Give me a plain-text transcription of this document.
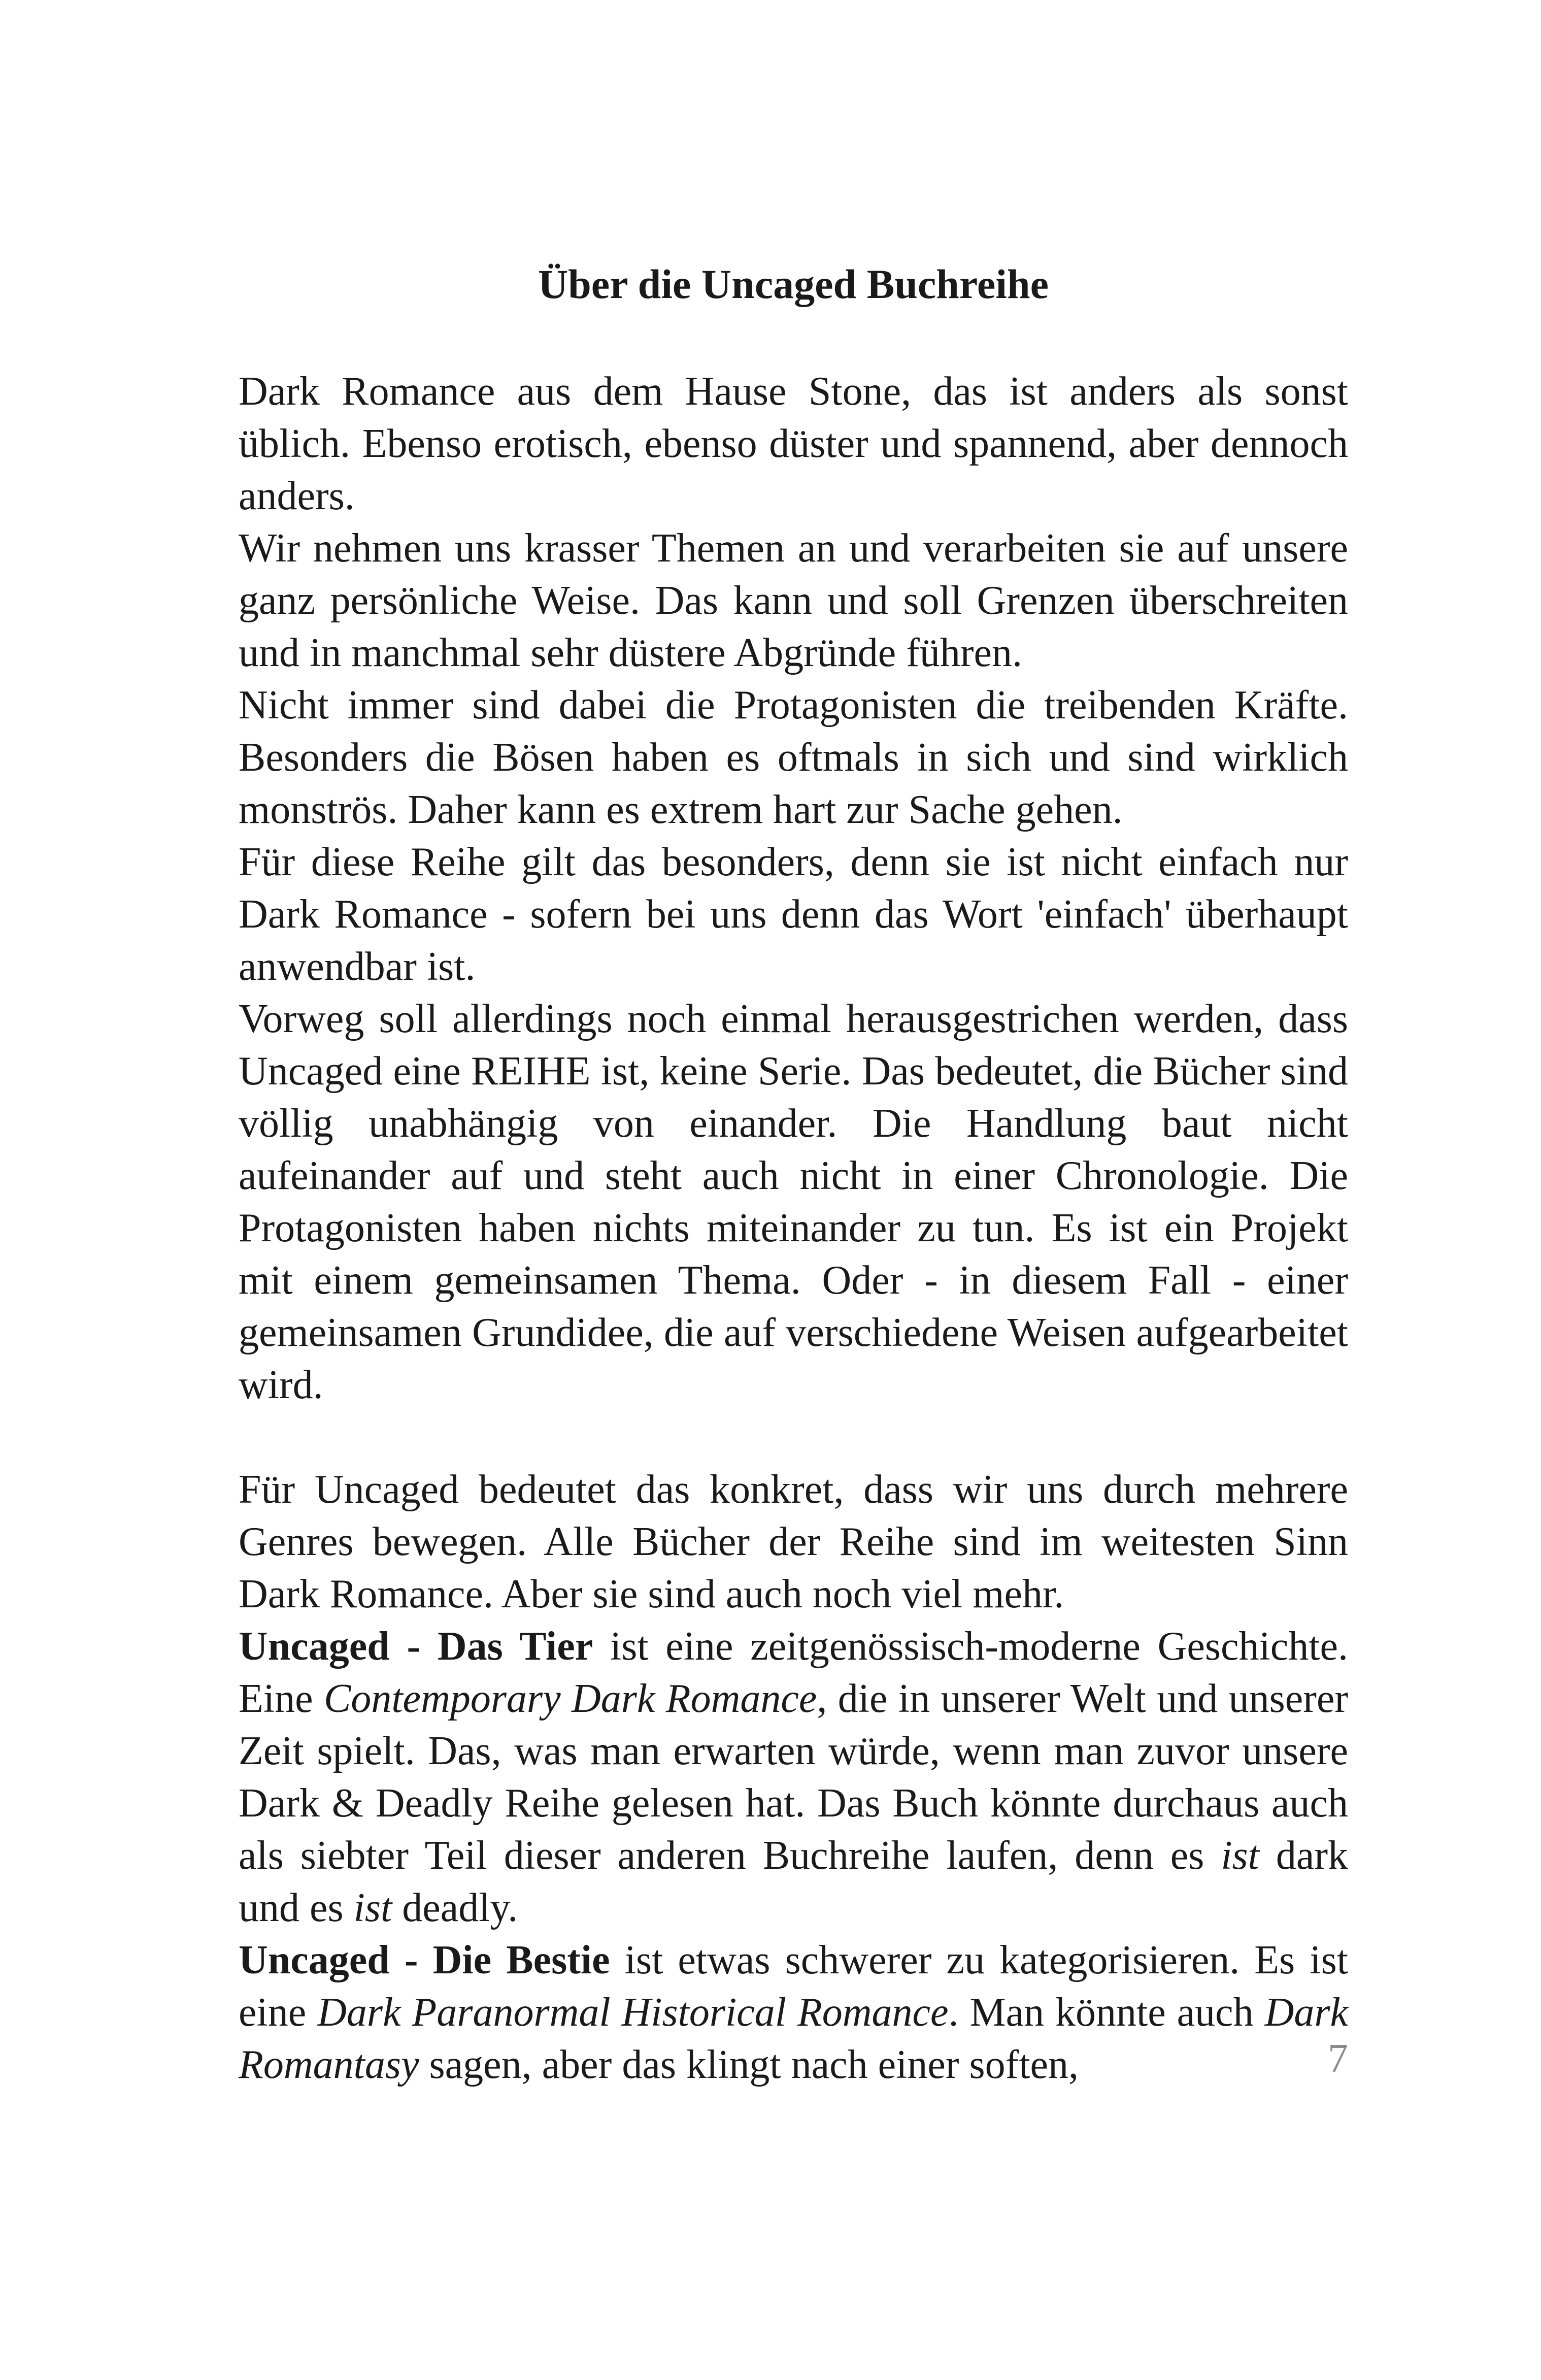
Über die Uncaged Buchreihe

Dark Romance aus dem Hause Stone, das ist anders als sonst üblich. Ebenso erotisch, ebenso düster und spannend, aber dennoch anders.

Wir nehmen uns krasser Themen an und verarbeiten sie auf unsere ganz persönliche Weise. Das kann und soll Grenzen überschreiten und in manchmal sehr düstere Abgründe führen.

Nicht immer sind dabei die Protagonisten die treibenden Kräfte. Besonders die Bösen haben es oftmals in sich und sind wirklich monströs. Daher kann es extrem hart zur Sache gehen.

Für diese Reihe gilt das besonders, denn sie ist nicht einfach nur Dark Romance - sofern bei uns denn das Wort 'einfach' überhaupt anwendbar ist.

Vorweg soll allerdings noch einmal herausgestrichen werden, dass Uncaged eine REIHE ist, keine Serie. Das bedeutet, die Bücher sind völlig unabhängig von einander. Die Handlung baut nicht aufeinander auf und steht auch nicht in einer Chronologie. Die Protagonisten haben nichts miteinander zu tun. Es ist ein Projekt mit einem gemeinsamen Thema. Oder - in diesem Fall - einer gemeinsamen Grundidee, die auf verschiedene Weisen aufgearbeitet wird.

Für Uncaged bedeutet das konkret, dass wir uns durch mehrere Genres bewegen. Alle Bücher der Reihe sind im weitesten Sinn Dark Romance. Aber sie sind auch noch viel mehr.

Uncaged - Das Tier ist eine zeitgenössisch-moderne Geschichte. Eine Contemporary Dark Romance, die in unserer Welt und unserer Zeit spielt. Das, was man erwarten würde, wenn man zuvor unsere Dark & Deadly Reihe gelesen hat. Das Buch könnte durchaus auch als siebter Teil dieser anderen Buchreihe laufen, denn es ist dark und es ist deadly.

Uncaged - Die Bestie ist etwas schwerer zu kategorisieren. Es ist eine Dark Paranormal Historical Romance. Man könnte auch Dark Romantasy sagen, aber das klingt nach einer soften,	7
